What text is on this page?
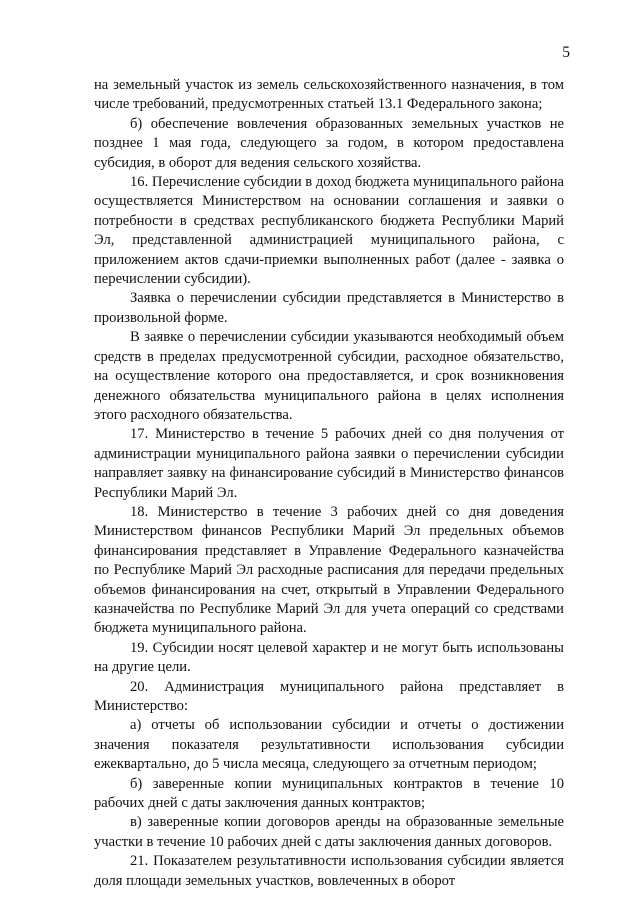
5

на земельный участок из земель сельскохозяйственного назначения, в том числе требований, предусмотренных статьей 13.1 Федерального закона;

б) обеспечение вовлечения образованных земельных участков не позднее 1 мая года, следующего за годом, в котором предоставлена субсидия, в оборот для ведения сельского хозяйства.

16. Перечисление субсидии в доход бюджета муниципального района осуществляется Министерством на основании соглашения и заявки о потребности в средствах республиканского бюджета Республики Марий Эл, представленной администрацией муниципального района, с приложением актов сдачи-приемки выполненных работ (далее - заявка о перечислении субсидии).

Заявка о перечислении субсидии представляется в Министерство в произвольной форме.

В заявке о перечислении субсидии указываются необходимый объем средств в пределах предусмотренной субсидии, расходное обязательство, на осуществление которого она предоставляется, и срок возникновения денежного обязательства муниципального района в целях исполнения этого расходного обязательства.

17. Министерство в течение 5 рабочих дней со дня получения от администрации муниципального района заявки о перечислении субсидии направляет заявку на финансирование субсидий в Министерство финансов Республики Марий Эл.

18. Министерство в течение 3 рабочих дней со дня доведения Министерством финансов Республики Марий Эл предельных объемов финансирования представляет в Управление Федерального казначейства по Республике Марий Эл расходные расписания для передачи предельных объемов финансирования на счет, открытый в Управлении Федерального казначейства по Республике Марий Эл для учета операций со средствами бюджета муниципального района.

19. Субсидии носят целевой характер и не могут быть использованы на другие цели.

20. Администрация муниципального района представляет в Министерство:

а) отчеты об использовании субсидии и отчеты о достижении значения показателя результативности использования субсидии ежеквартально, до 5 числа месяца, следующего за отчетным периодом;

б) заверенные копии муниципальных контрактов в течение 10 рабочих дней с даты заключения данных контрактов;

в) заверенные копии договоров аренды на образованные земельные участки в течение 10 рабочих дней с даты заключения данных договоров.

21. Показателем результативности использования субсидии является доля площади земельных участков, вовлеченных в оборот
